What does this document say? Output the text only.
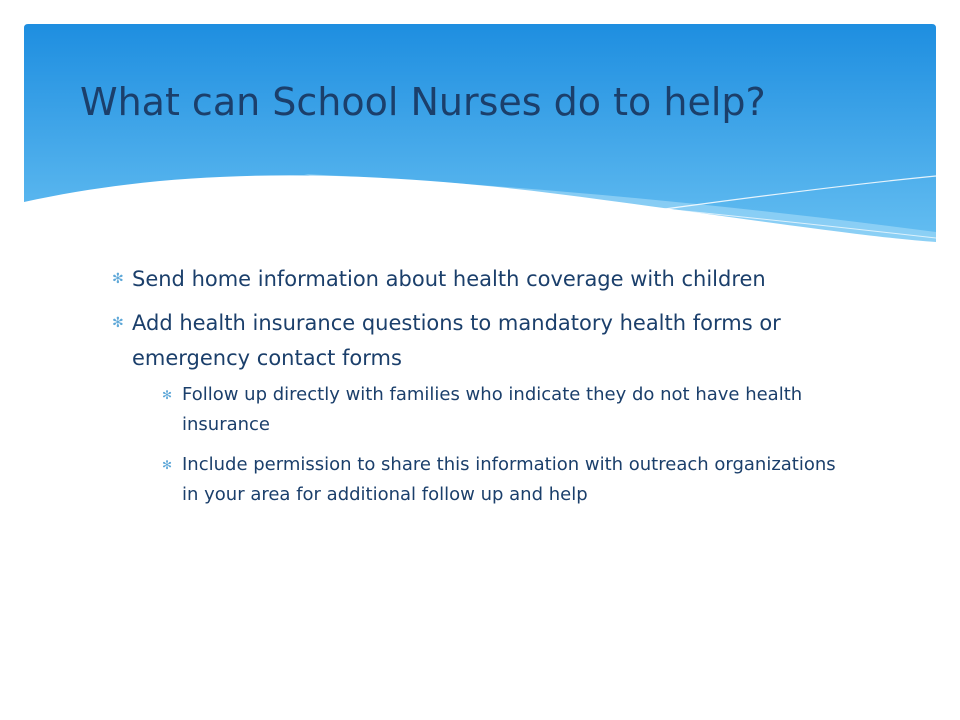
What can School Nurses do to help?
✻ Send home information about health coverage with children
✻ Add health insurance questions to mandatory health forms or emergency contact forms
✻ Follow up directly with families who indicate they do not have health insurance
✻ Include permission to share this information with outreach organizations in your area for additional follow up and help
